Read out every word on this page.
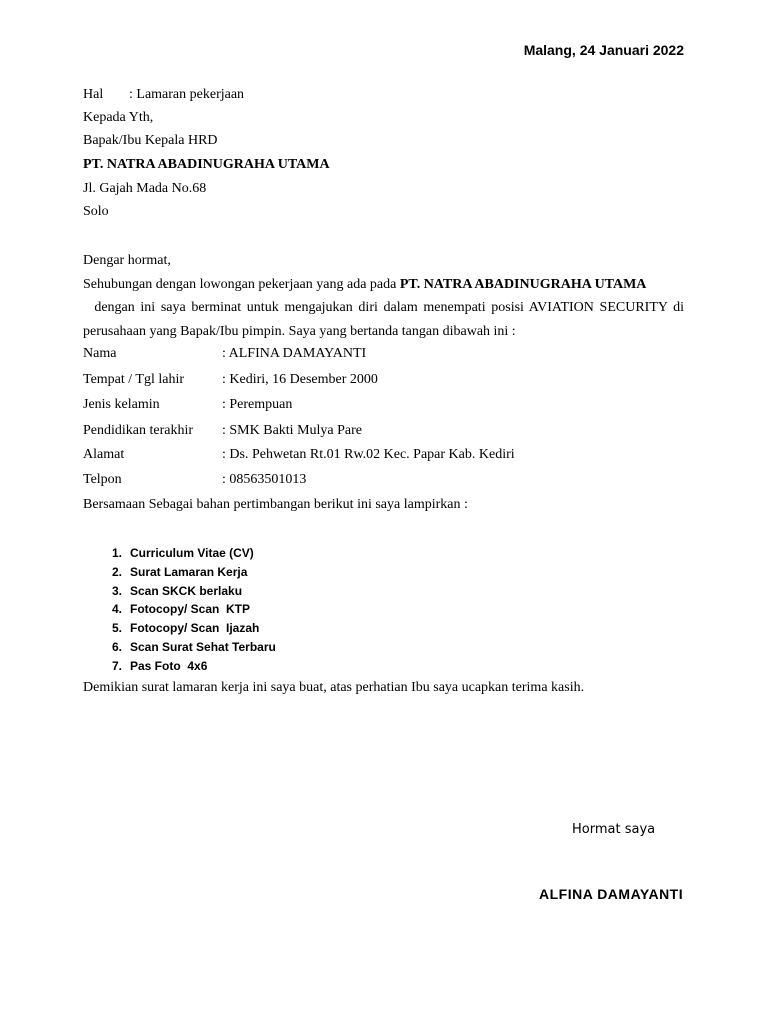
Malang, 24 Januari 2022
Hal : Lamaran pekerjaan
Kepada Yth,
Bapak/Ibu Kepala HRD
PT. NATRA ABADINUGRAHA UTAMA
Jl. Gajah Mada No.68
Solo
Dengar hormat,
Sehubungan dengan lowongan pekerjaan yang ada pada PT. NATRA ABADINUGRAHA UTAMA
dengan ini saya berminat untuk mengajukan diri dalam menempati posisi AVIATION SECURITY di
perusahaan yang Bapak/Ibu pimpin. Saya yang bertanda tangan dibawah ini :
Nama	: ALFINA DAMAYANTI
Tempat / Tgl lahir	: Kediri, 16 Desember 2000
Jenis kelamin	: Perempuan
Pendidikan terakhir : SMK Bakti Mulya Pare
Alamat	: Ds. Pehwetan Rt.01 Rw.02 Kec. Papar Kab. Kediri
Telpon	: 08563501013
Bersamaan Sebagai bahan pertimbangan berikut ini saya lampirkan :
1. Curriculum Vitae (CV)
2. Surat Lamaran Kerja
3. Scan SKCK berlaku
4. Fotocopy/ Scan  KTP
5. Fotocopy/ Scan  Ijazah
6. Scan Surat Sehat Terbaru
7. Pas Foto  4x6
Demikian surat lamaran kerja ini saya buat, atas perhatian Ibu saya ucapkan terima kasih.
Hormat saya
ALFINA DAMAYANTI
